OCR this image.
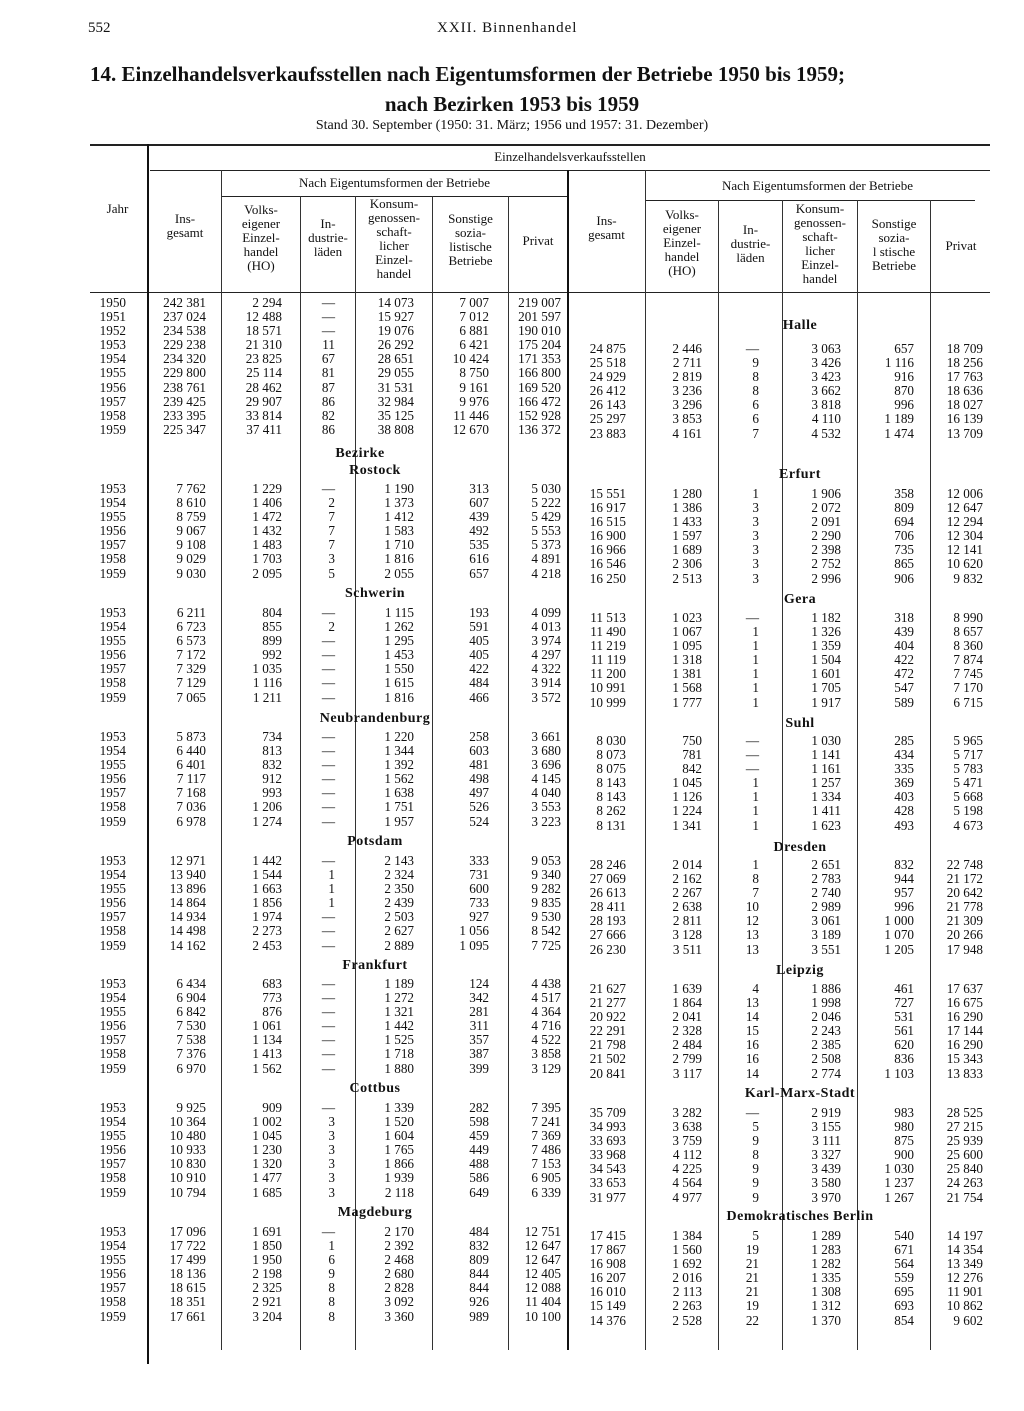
552	XXII. Binnenhandel
14. Einzelhandelsverkaufsstellen nach Eigentumsformen der Betriebe 1950 bis 1959;
nach Bezirken 1953 bis 1959
Stand 30. September (1950: 31. März; 1956 und 1957: 31. Dezember)
Jahr
Einzelhandelsverkaufsstellen
Nach Eigentumsformen der Betriebe	Nach Eigentumsformen der Betriebe
Ins-
gesamt
Volks-
eigener
Einzel-
handel
(HO)
In-
dustrie-
läden
Konsum-
genossen-
schaft-
licher
Einzel-
handel
Sonstige
sozia-
listische
Betriebe
Privat
Ins-
gesamt
Volks-
eigener
Einzel-
handel
(HO)
In-
dustrie-
läden
Konsum-
genossen-
schaft-
licher
Einzel-
handel
Sonstige
sozia-
l stische
Betriebe
Privat
Bezirke
1950
1951
1952
1953
1954
1955
1956
1957
1958
1959
242 381
237 024
234 538
229 238
234 320
229 800
238 761
239 425
233 395
225 347
2 294
12 488
18 571
21 310
23 825
25 114
28 462
29 907
33 814
37 411
—
—
—
11
67
81
87
86
82
86
14 073
15 927
19 076
26 292
28 651
29 055
31 531
32 984
35 125
38 808
7 007
7 012
6 881
6 421
10 424
8 750
9 161
9 976
11 446
12 670
219 007
201 597
190 010
175 204
171 353
166 800
169 520
166 472
152 928
136 372
Rostock
1953
1954
1955
1956
1957
1958
1959
7 762
8 610
8 759
9 067
9 108
9 029
9 030
1 229
1 406
1 472
1 432
1 483
1 703
2 095
—
2
7
7
7
3
5
1 190
1 373
1 412
1 583
1 710
1 816
2 055
313
607
439
492
535
616
657
5 030
5 222
5 429
5 553
5 373
4 891
4 218
Schwerin
1953
1954
1955
1956
1957
1958
1959
6 211
6 723
6 573
7 172
7 329
7 129
7 065
804
855
899
992
1 035
1 116
1 211
—
2
—
—
—
—
—
1 115
1 262
1 295
1 453
1 550
1 615
1 816
193
591
405
405
422
484
466
4 099
4 013
3 974
4 297
4 322
3 914
3 572
Neubrandenburg
1953
1954
1955
1956
1957
1958
1959
5 873
6 440
6 401
7 117
7 168
7 036
6 978
734
813
832
912
993
1 206
1 274
—
—
—
—
—
—
—
1 220
1 344
1 392
1 562
1 638
1 751
1 957
258
603
481
498
497
526
524
3 661
3 680
3 696
4 145
4 040
3 553
3 223
Potsdam
1953
1954
1955
1956
1957
1958
1959
12 971
13 940
13 896
14 864
14 934
14 498
14 162
1 442
1 544
1 663
1 856
1 974
2 273
2 453
—
1
1
1
—
—
—
2 143
2 324
2 350
2 439
2 503
2 627
2 889
333
731
600
733
927
1 056
1 095
9 053
9 340
9 282
9 835
9 530
8 542
7 725
Frankfurt
1953
1954
1955
1956
1957
1958
1959
6 434
6 904
6 842
7 530
7 538
7 376
6 970
683
773
876
1 061
1 134
1 413
1 562
—
—
—
—
—
—
—
1 189
1 272
1 321
1 442
1 525
1 718
1 880
124
342
281
311
357
387
399
4 438
4 517
4 364
4 716
4 522
3 858
3 129
Cottbus
1953
1954
1955
1956
1957
1958
1959
9 925
10 364
10 480
10 933
10 830
10 910
10 794
909
1 002
1 045
1 230
1 320
1 477
1 685
—
3
3
3
3
3
3
1 339
1 520
1 604
1 765
1 866
1 939
2 118
282
598
459
449
488
586
649
7 395
7 241
7 369
7 486
7 153
6 905
6 339
Magdeburg
1953
1954
1955
1956
1957
1958
1959
17 096
17 722
17 499
18 136
18 615
18 351
17 661
1 691
1 850
1 950
2 198
2 325
2 921
3 204
—
1
6
9
8
8
8
2 170
2 392
2 468
2 680
2 828
3 092
3 360
484
832
809
844
844
926
989
12 751
12 647
12 647
12 405
12 088
11 404
10 100
Halle
24 875
25 518
24 929
26 412
26 143
25 297
23 883
2 446
2 711
2 819
3 236
3 296
3 853
4 161
—
9
8
8
6
6
7
3 063
3 426
3 423
3 662
3 818
4 110
4 532
657
1 116
916
870
996
1 189
1 474
18 709
18 256
17 763
18 636
18 027
16 139
13 709
Erfurt
15 551
16 917
16 515
16 900
16 966
16 546
16 250
1 280
1 386
1 433
1 597
1 689
2 306
2 513
1
3
3
3
3
3
3
1 906
2 072
2 091
2 290
2 398
2 752
2 996
358
809
694
706
735
865
906
12 006
12 647
12 294
12 304
12 141
10 620
9 832
Gera
11 513
11 490
11 219
11 119
11 200
10 991
10 999
1 023
1 067
1 095
1 318
1 381
1 568
1 777
—
1
1
1
1
1
1
1 182
1 326
1 359
1 504
1 601
1 705
1 917
318
439
404
422
472
547
589
8 990
8 657
8 360
7 874
7 745
7 170
6 715
Suhl
8 030
8 073
8 075
8 143
8 143
8 262
8 131
750
781
842
1 045
1 126
1 224
1 341
—
—
—
1
1
1
1
1 030
1 141
1 161
1 257
1 334
1 411
1 623
285
434
335
369
403
428
493
5 965
5 717
5 783
5 471
5 668
5 198
4 673
Dresden
28 246
27 069
26 613
28 411
28 193
27 666
26 230
2 014
2 162
2 267
2 638
2 811
3 128
3 511
1
8
7
10
12
13
13
2 651
2 783
2 740
2 989
3 061
3 189
3 551
832
944
957
996
1 000
1 070
1 205
22 748
21 172
20 642
21 778
21 309
20 266
17 948
Leipzig
21 627
21 277
20 922
22 291
21 798
21 502
20 841
1 639
1 864
2 041
2 328
2 484
2 799
3 117
4
13
14
15
16
16
14
1 886
1 998
2 046
2 243
2 385
2 508
2 774
461
727
531
561
620
836
1 103
17 637
16 675
16 290
17 144
16 290
15 343
13 833
Karl-Marx-Stadt
35 709
34 993
33 693
33 968
34 543
33 653
31 977
3 282
3 638
3 759
4 112
4 225
4 564
4 977
—
5
9
8
9
9
9
2 919
3 155
3 111
3 327
3 439
3 580
3 970
983
980
875
900
1 030
1 237
1 267
28 525
27 215
25 939
25 600
25 840
24 263
21 754
Demokratisches Berlin
17 415
17 867
16 908
16 207
16 010
15 149
14 376
1 384
1 560
1 692
2 016
2 113
2 263
2 528
5
19
21
21
21
19
22
1 289
1 283
1 282
1 335
1 308
1 312
1 370
540
671
564
559
695
693
854
14 197
14 354
13 349
12 276
11 901
10 862
9 602
